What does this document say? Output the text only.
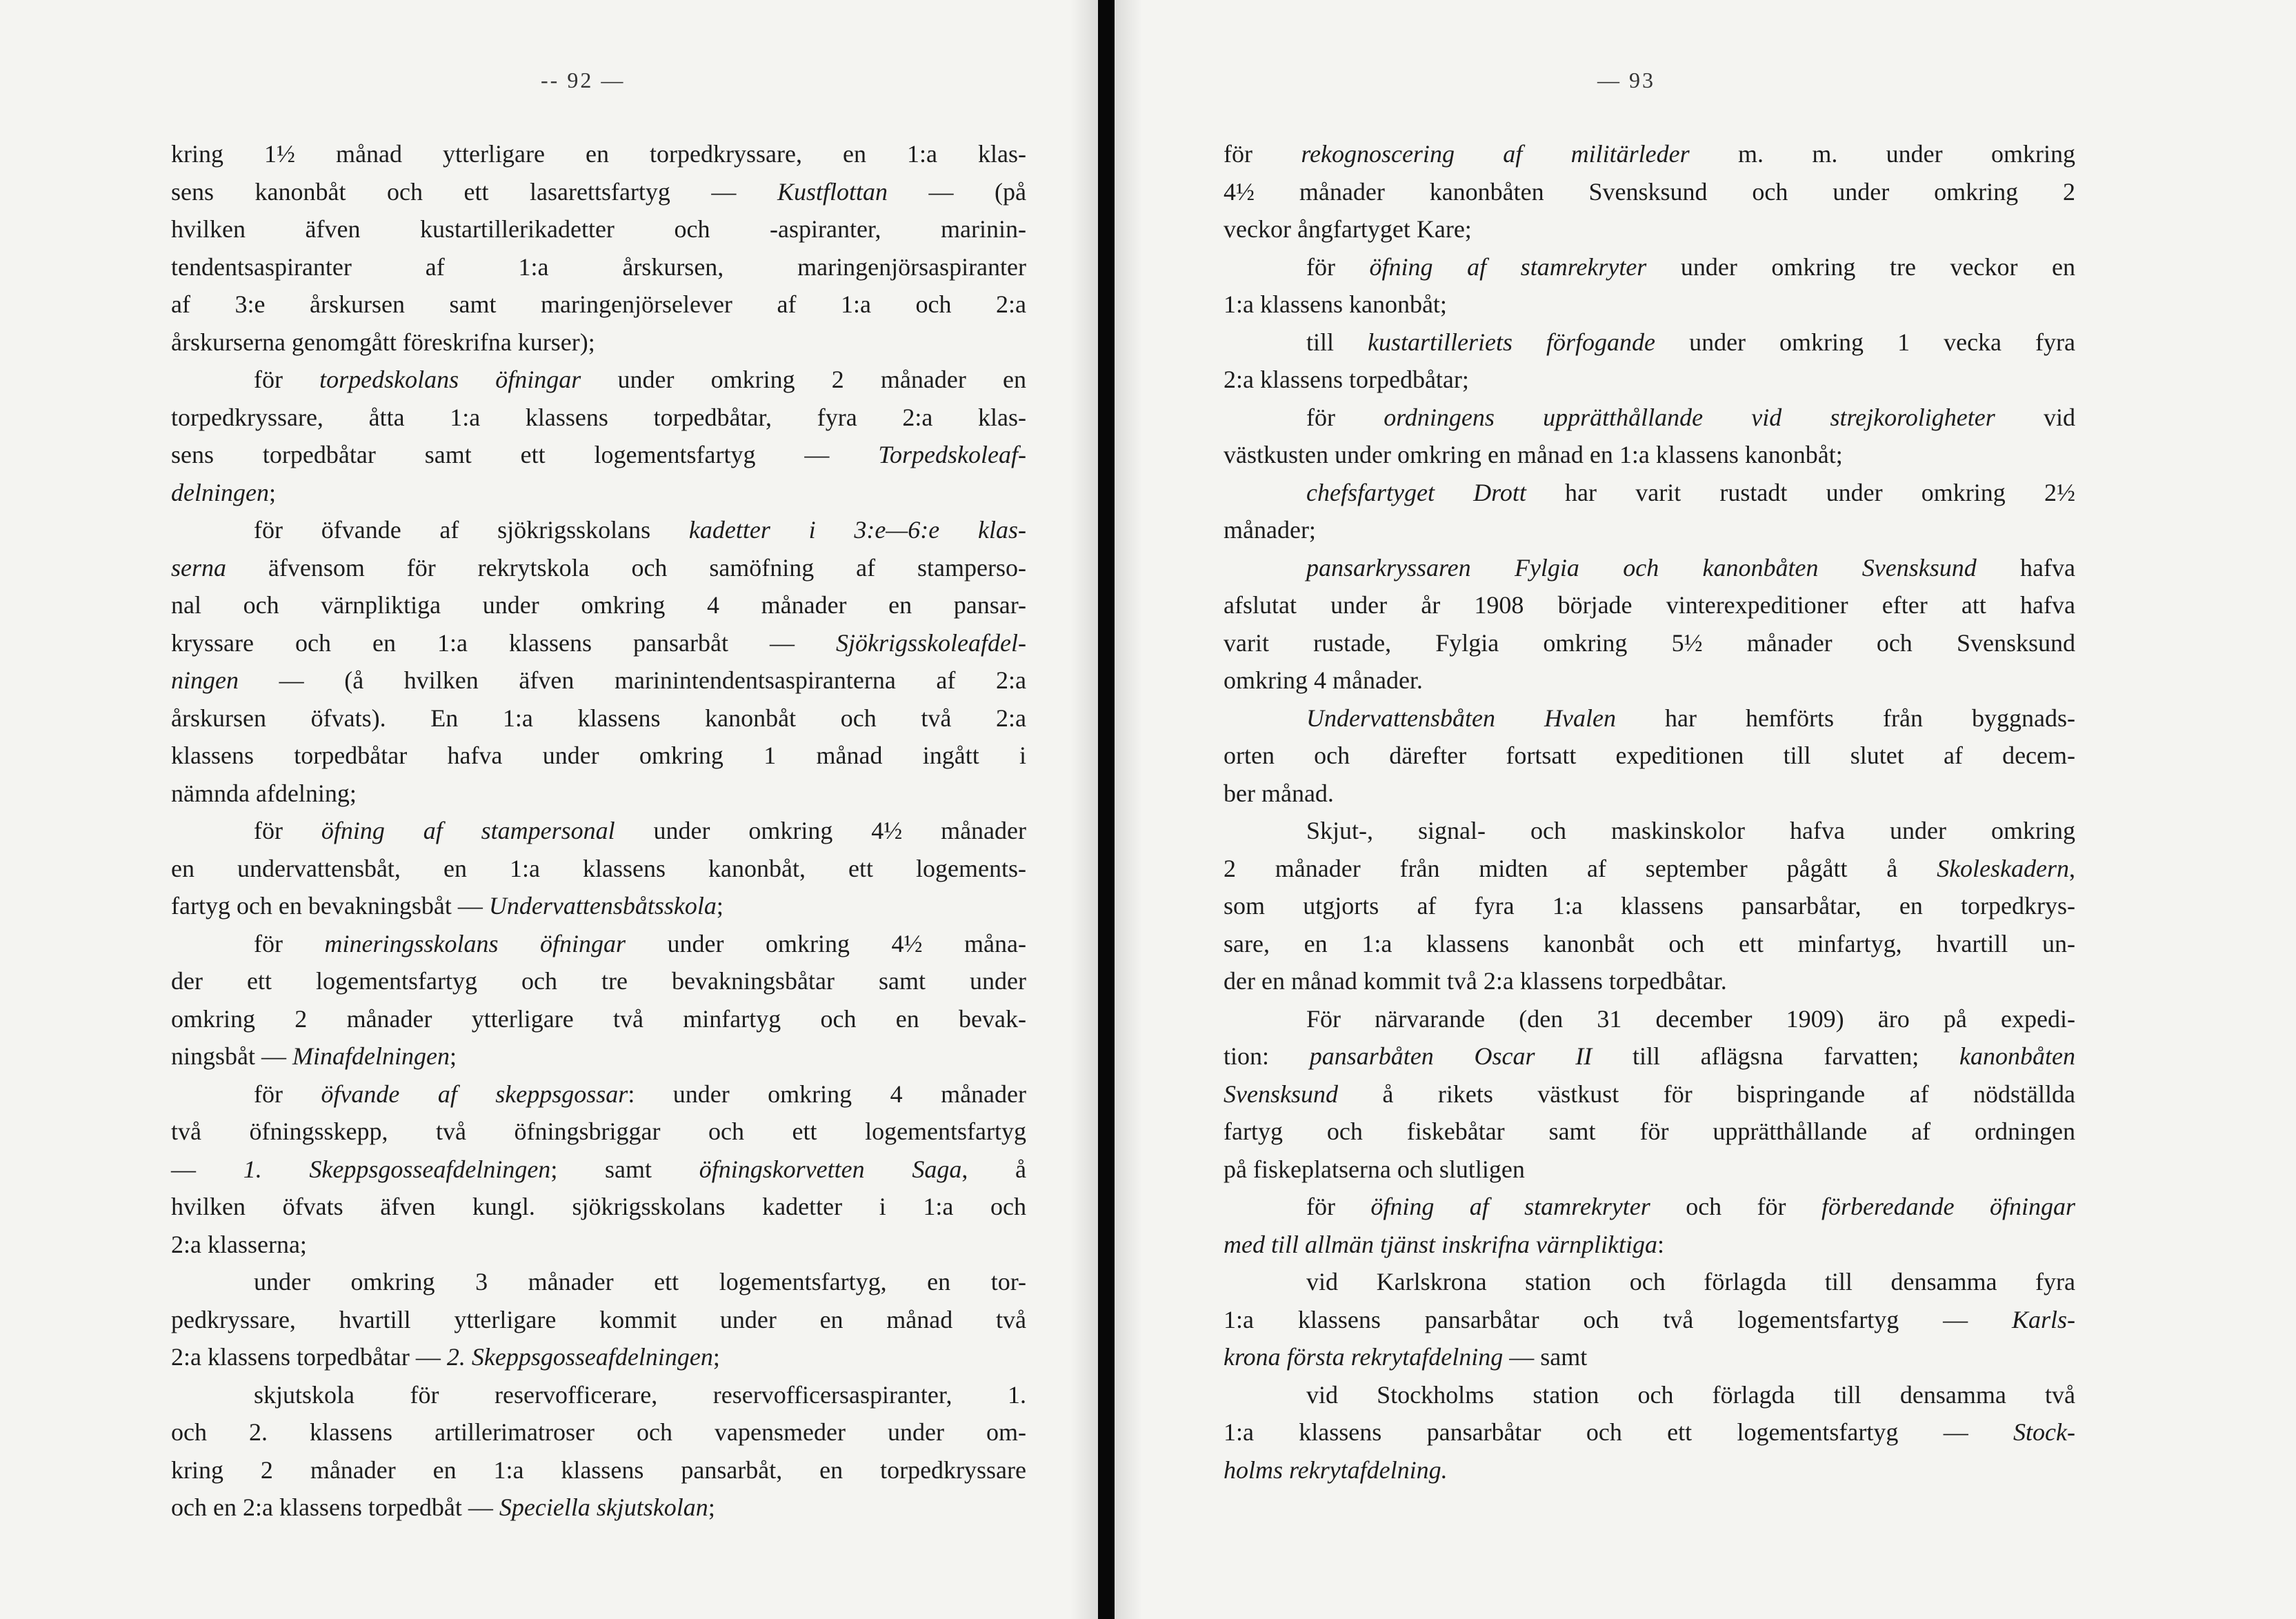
-- 92 —
kring 1½ månad ytterligare en torpedkryssare, en 1:a klas-
sens kanonbåt och ett lasarettsfartyg — Kustflottan — (på
hvilken äfven kustartillerikadetter och -aspiranter, marinin-
tendentsaspiranter af 1:a årskursen, maringenjörsaspiranter
af 3:e årskursen samt maringenjörselever af 1:a och 2:a
årskurserna genomgått föreskrifna kurser);
för torpedskolans öfningar under omkring 2 månader en
torpedkryssare, åtta 1:a klassens torpedbåtar, fyra 2:a klas-
sens torpedbåtar samt ett logementsfartyg — Torpedskoleaf-
delningen;
för öfvande af sjökrigsskolans kadetter i 3:e—6:e klas-
serna äfvensom för rekrytskola och samöfning af stamperso-
nal och värnpliktiga under omkring 4 månader en pansar-
kryssare och en 1:a klassens pansarbåt — Sjökrigsskoleafdel-
ningen — (å hvilken äfven marinintendentsaspiranterna af 2:a
årskursen öfvats). En 1:a klassens kanonbåt och två 2:a
klassens torpedbåtar hafva under omkring 1 månad ingått i
nämnda afdelning;
för öfning af stampersonal under omkring 4½ månader
en undervattensbåt, en 1:a klassens kanonbåt, ett logements-
fartyg och en bevakningsbåt — Undervattensbåtsskola;
för mineringsskolans öfningar under omkring 4½ måna-
der ett logementsfartyg och tre bevakningsbåtar samt under
omkring 2 månader ytterligare två minfartyg och en bevak-
ningsbåt — Minafdelningen;
för öfvande af skeppsgossar: under omkring 4 månader
två öfningsskepp, två öfningsbriggar och ett logementsfartyg
— 1. Skeppsgosseafdelningen; samt öfningskorvetten Saga, å
hvilken öfvats äfven kungl. sjökrigsskolans kadetter i 1:a och
2:a klasserna;
under omkring 3 månader ett logementsfartyg, en tor-
pedkryssare, hvartill ytterligare kommit under en månad två
2:a klassens torpedbåtar — 2. Skeppsgosseafdelningen;
skjutskola för reservofficerare, reservofficersaspiranter, 1.
och 2. klassens artillerimatroser och vapensmeder under om-
kring 2 månader en 1:a klassens pansarbåt, en torpedkryssare
och en 2:a klassens torpedbåt — Speciella skjutskolan;
— 93
för rekognoscering af militärleder m. m. under omkring
4½ månader kanonbåten Svensksund och under omkring 2
veckor ångfartyget Kare;
för öfning af stamrekryter under omkring tre veckor en
1:a klassens kanonbåt;
till kustartilleriets förfogande under omkring 1 vecka fyra
2:a klassens torpedbåtar;
för ordningens upprätthållande vid strejkoroligheter vid
västkusten under omkring en månad en 1:a klassens kanonbåt;
chefsfartyget Drott har varit rustadt under omkring 2½
månader;
pansarkryssaren Fylgia och kanonbåten Svensksund hafva
afslutat under år 1908 började vinterexpeditioner efter att hafva
varit rustade, Fylgia omkring 5½ månader och Svensksund
omkring 4 månader.
Undervattensbåten Hvalen har hemförts från byggnads-
orten och därefter fortsatt expeditionen till slutet af decem-
ber månad.
Skjut-, signal- och maskinskolor hafva under omkring
2 månader från midten af september pågått å Skoleskadern,
som utgjorts af fyra 1:a klassens pansarbåtar, en torpedkrys-
sare, en 1:a klassens kanonbåt och ett minfartyg, hvartill un-
der en månad kommit två 2:a klassens torpedbåtar.
För närvarande (den 31 december 1909) äro på expedi-
tion: pansarbåten Oscar II till aflägsna farvatten; kanonbåten
Svensksund å rikets västkust för bispringande af nödställda
fartyg och fiskebåtar samt för upprätthållande af ordningen
på fiskeplatserna och slutligen
för öfning af stamrekryter och för förberedande öfningar
med till allmän tjänst inskrifna värnpliktiga:
vid Karlskrona station och förlagda till densamma fyra
1:a klassens pansarbåtar och två logementsfartyg — Karls-
krona första rekrytafdelning — samt
vid Stockholms station och förlagda till densamma två
1:a klassens pansarbåtar och ett logementsfartyg — Stock-
holms rekrytafdelning.
